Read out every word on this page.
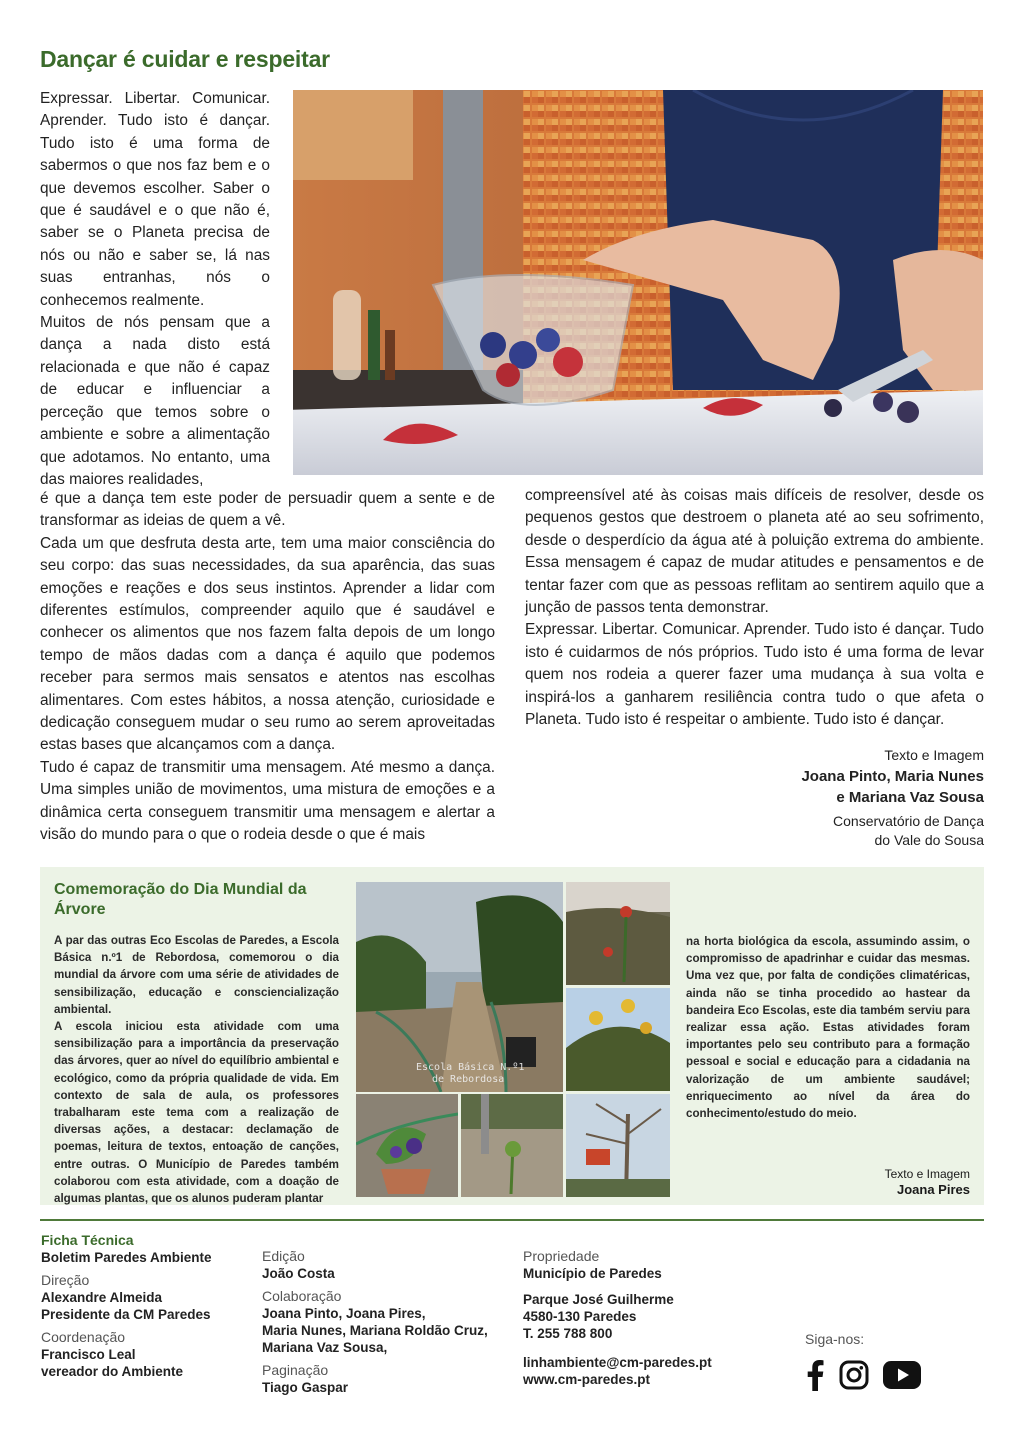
Dançar é cuidar e respeitar

Expressar. Libertar. Comunicar. Aprender. Tudo isto é dançar. Tudo isto é uma forma de sabermos o que nos faz bem e o que devemos escolher. Saber o que é saudável e o que não é, saber se o Planeta precisa de nós ou não e saber se, lá nas suas entranhas, nós o conhecemos realmente.

Muitos de nós pensam que a dança a nada disto está relacionada e que não é capaz de educar e influenciar a perceção que temos sobre o ambiente e sobre a alimentação que adotamos. No entanto, uma das maiores realidades,

é que a dança tem este poder de persuadir quem a sente e de transformar as ideias de quem a vê.

Cada um que desfruta desta arte, tem uma maior consciência do seu corpo: das suas necessidades, da sua aparência, das suas emoções e reações e dos seus instintos. Aprender a lidar com diferentes estímulos, compreender aquilo que é saudável e conhecer os alimentos que nos fazem falta depois de um longo tempo de mãos dadas com a dança é aquilo que podemos receber para sermos mais sensatos e atentos nas escolhas alimentares. Com estes hábitos, a nossa atenção, curiosidade e dedicação conseguem mudar o seu rumo ao serem aproveitadas estas bases que alcançamos com a dança.

Tudo é capaz de transmitir uma mensagem. Até mesmo a dança. Uma simples união de movimentos, uma mistura de emoções e a dinâmica certa conseguem transmitir uma mensagem e alertar a visão do mundo para o que o rodeia desde o que é mais

compreensível até às coisas mais difíceis de resolver, desde os pequenos gestos que destroem o planeta até ao seu sofrimento, desde o desperdício da água até à poluição extrema do ambiente. Essa mensagem é capaz de mudar atitudes e pensamentos e de tentar fazer com que as pessoas reflitam ao sentirem aquilo que a junção de passos tenta demonstrar.

Expressar. Libertar. Comunicar. Aprender. Tudo isto é dançar. Tudo isto é cuidarmos de nós próprios. Tudo isto é uma forma de levar quem nos rodeia a querer fazer uma mudança à sua volta e inspirá-los a ganharem resiliência contra tudo o que afeta o Planeta. Tudo isto é respeitar o ambiente. Tudo isto é dançar.

Texto e Imagem
Joana Pinto, Maria Nunes
e Mariana Vaz Sousa
Conservatório de Dança
do Vale do Sousa
Comemoração do Dia Mundial da Árvore

A par das outras Eco Escolas de Paredes, a Escola Básica n.º1 de Rebordosa, comemorou o dia mundial da árvore com uma série de atividades de sensibilização, educação e consciencialização ambiental.

A escola iniciou esta atividade com uma sensibilização para a importância da preservação das árvores, quer ao nível do equilíbrio ambiental e ecológico, como da própria qualidade de vida. Em contexto de sala de aula, os professores trabalharam este tema com a realização de diversas ações, a destacar: declamação de poemas, leitura de textos, entoação de canções, entre outras. O Município de Paredes também colaborou com esta atividade, com a doação de algumas plantas, que os alunos puderam plantar

Escola Básica N.º1
de Rebordosa
na horta biológica da escola, assumindo assim, o compromisso de apadrinhar e cuidar das mesmas. Uma vez que, por falta de condições climatéricas, ainda não se tinha procedido ao hastear da bandeira Eco Escolas, este dia também serviu para realizar essa ação. Estas atividades foram importantes pelo seu contributo para a formação pessoal e social e educação para a cidadania na valorização de um ambiente saudável; enriquecimento ao nível da área do conhecimento/estudo do meio.
Texto e Imagem
Joana Pires
Ficha Técnica
Boletim Paredes Ambiente
Direção
Alexandre Almeida
Presidente da CM Paredes
Coordenação
Francisco Leal
vereador do Ambiente
Edição
João Costa
Colaboração
Joana Pinto, Joana Pires,
Maria Nunes, Mariana Roldão Cruz,
Mariana Vaz Sousa,
Paginação
Tiago Gaspar
Propriedade
Município de Paredes
Parque José Guilherme
4580-130 Paredes
T. 255 788 800
linhambiente@cm-paredes.pt
www.cm-paredes.pt
Siga-nos:
